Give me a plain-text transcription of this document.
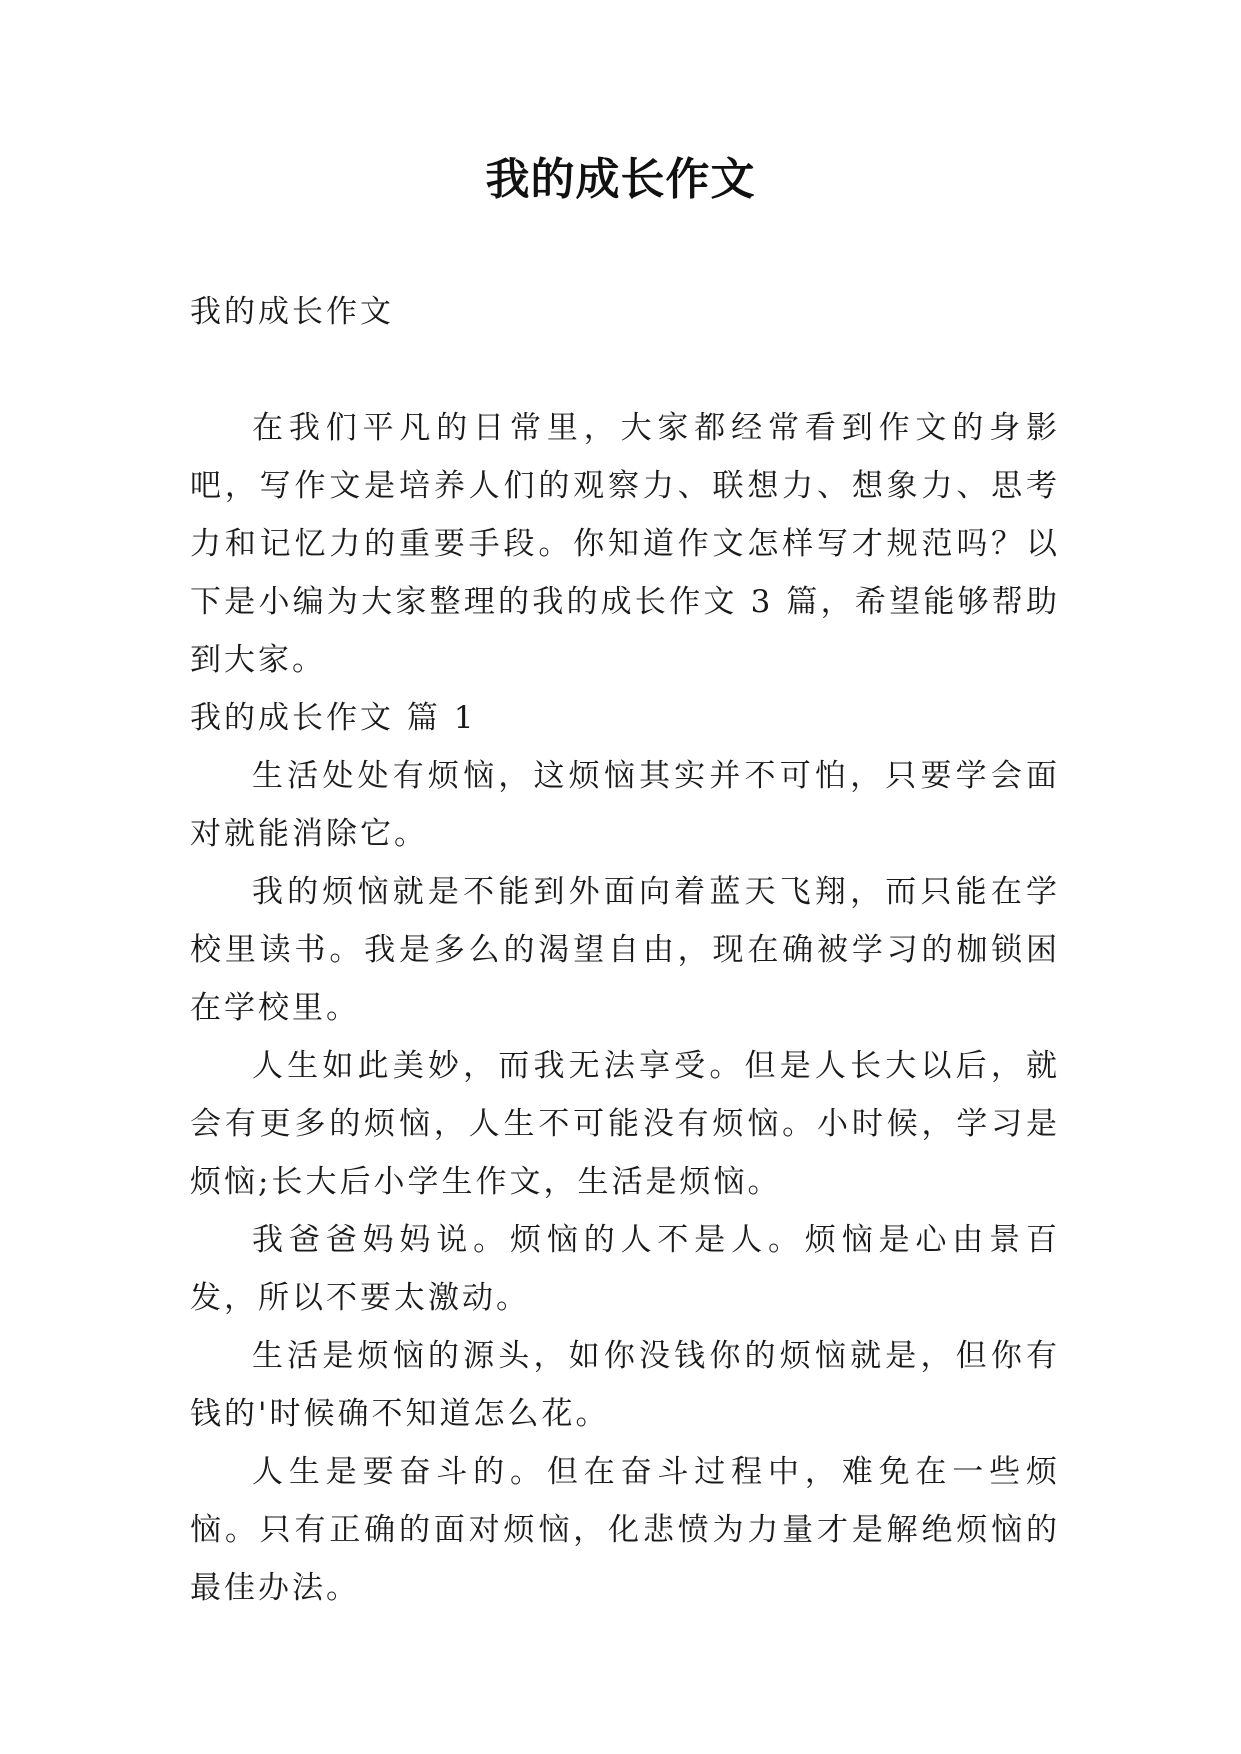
我的成长作文

我的成长作文

在我们平凡的日常里，大家都经常看到作文的身影吧，写作文是培养人们的观察力、联想力、想象力、思考力和记忆力的重要手段。你知道作文怎样写才规范吗？以下是小编为大家整理的我的成长作文 3 篇，希望能够帮助到大家。

我的成长作文 篇 1

生活处处有烦恼，这烦恼其实并不可怕，只要学会面对就能消除它。

我的烦恼就是不能到外面向着蓝天飞翔，而只能在学校里读书。我是多么的渴望自由，现在确被学习的枷锁困在学校里。

人生如此美妙，而我无法享受。但是人长大以后，就会有更多的烦恼，人生不可能没有烦恼。小时候，学习是烦恼;长大后小学生作文，生活是烦恼。

我爸爸妈妈说。烦恼的人不是人。烦恼是心由景百发，所以不要太激动。

生活是烦恼的源头，如你没钱你的烦恼就是，但你有钱的'时候确不知道怎么花。

人生是要奋斗的。但在奋斗过程中，难免在一些烦恼。只有正确的面对烦恼，化悲愤为力量才是解绝烦恼的最佳办法。
